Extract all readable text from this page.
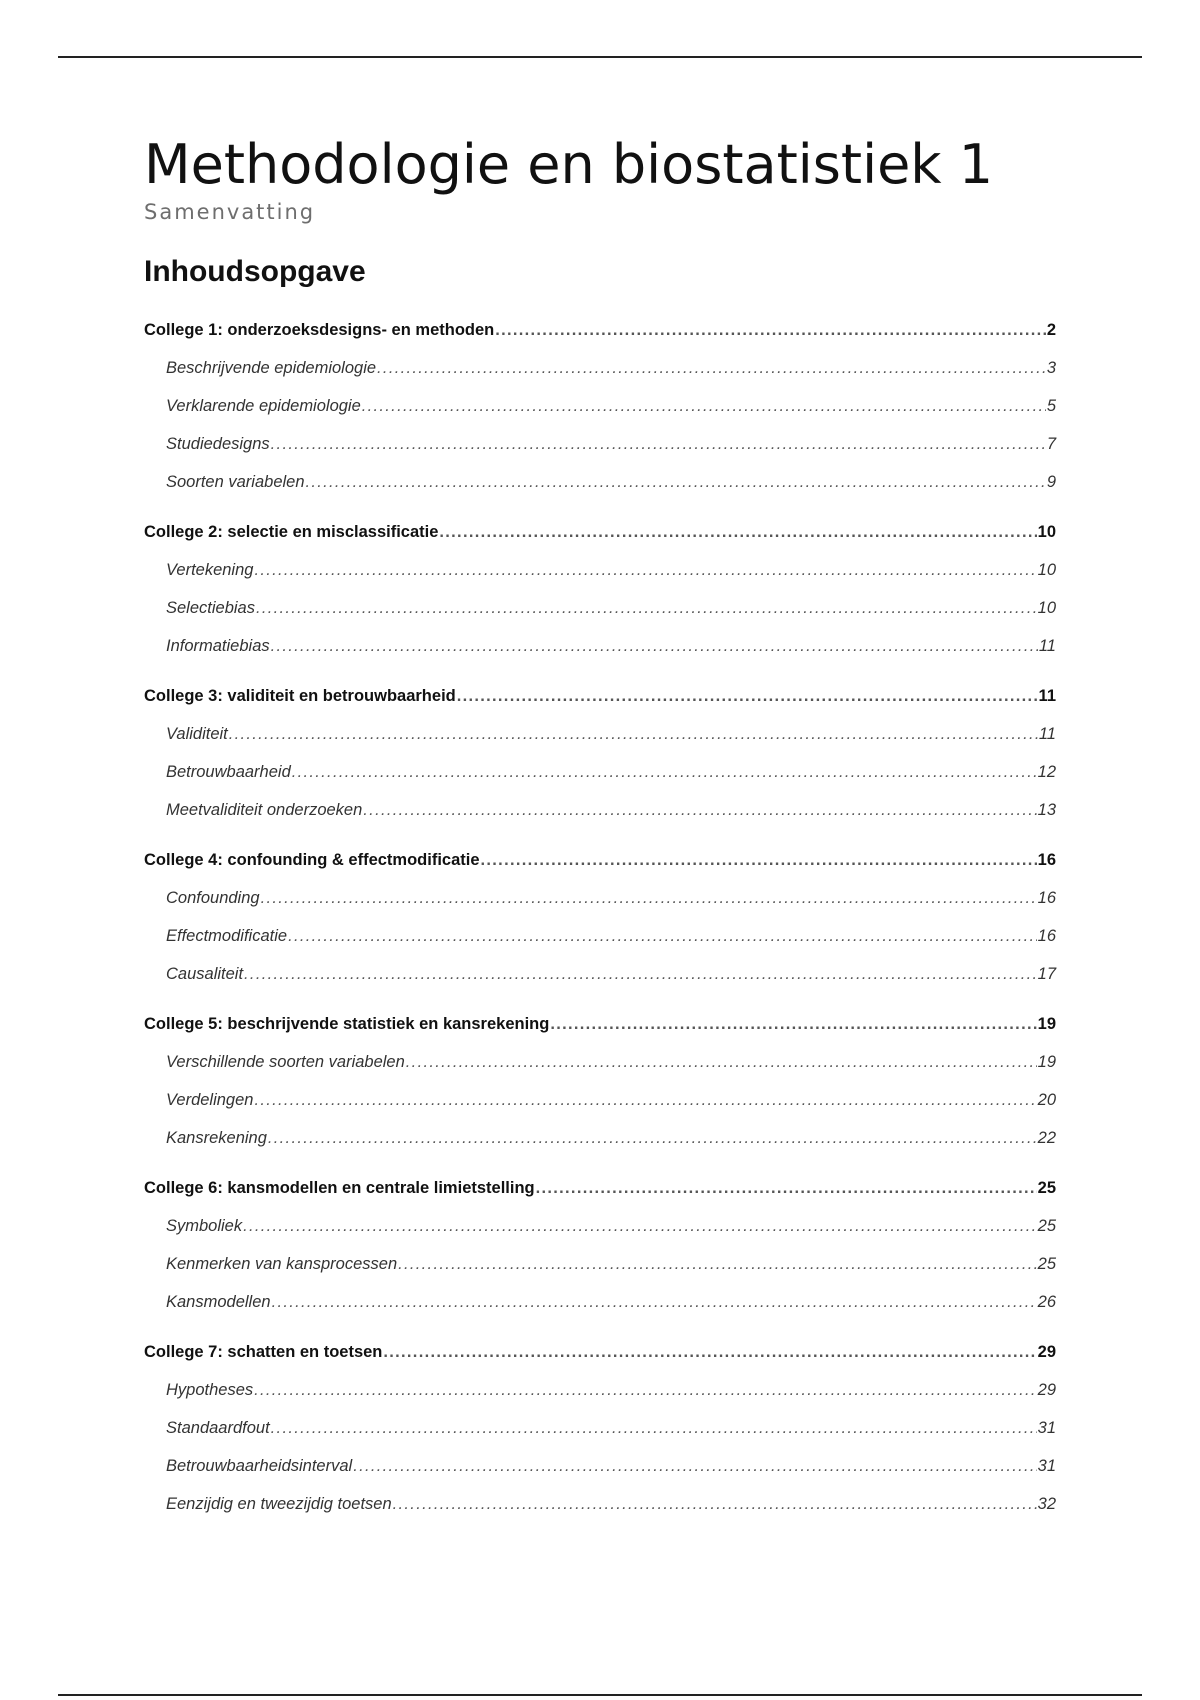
Methodologie en biostatistiek 1
Samenvatting
Inhoudsopgave
College 1: onderzoeksdesigns- en methoden .....	2
Beschrijvende epidemiologie .....	3
Verklarende epidemiologie .....	5
Studiedesigns .....	7
Soorten variabelen .....	9
College 2: selectie en misclassificatie .....	10
Vertekening .....	10
Selectiebias .....	10
Informatiebias .....	11
College 3: validiteit en betrouwbaarheid .....	11
Validiteit .....	11
Betrouwbaarheid .....	12
Meetvaliditeit onderzoeken .....	13
College 4: confounding & effectmodificatie .....	16
Confounding .....	16
Effectmodificatie .....	16
Causaliteit .....	17
College 5: beschrijvende statistiek en kansrekening .....	19
Verschillende soorten variabelen .....	19
Verdelingen .....	20
Kansrekening .....	22
College 6: kansmodellen en centrale limietstelling .....	25
Symboliek .....	25
Kenmerken van kansprocessen .....	25
Kansmodellen .....	26
College 7: schatten en toetsen .....	29
Hypotheses .....	29
Standaardfout .....	31
Betrouwbaarheidsinterval .....	31
Eenzijdig en tweezijdig toetsen .....	32
